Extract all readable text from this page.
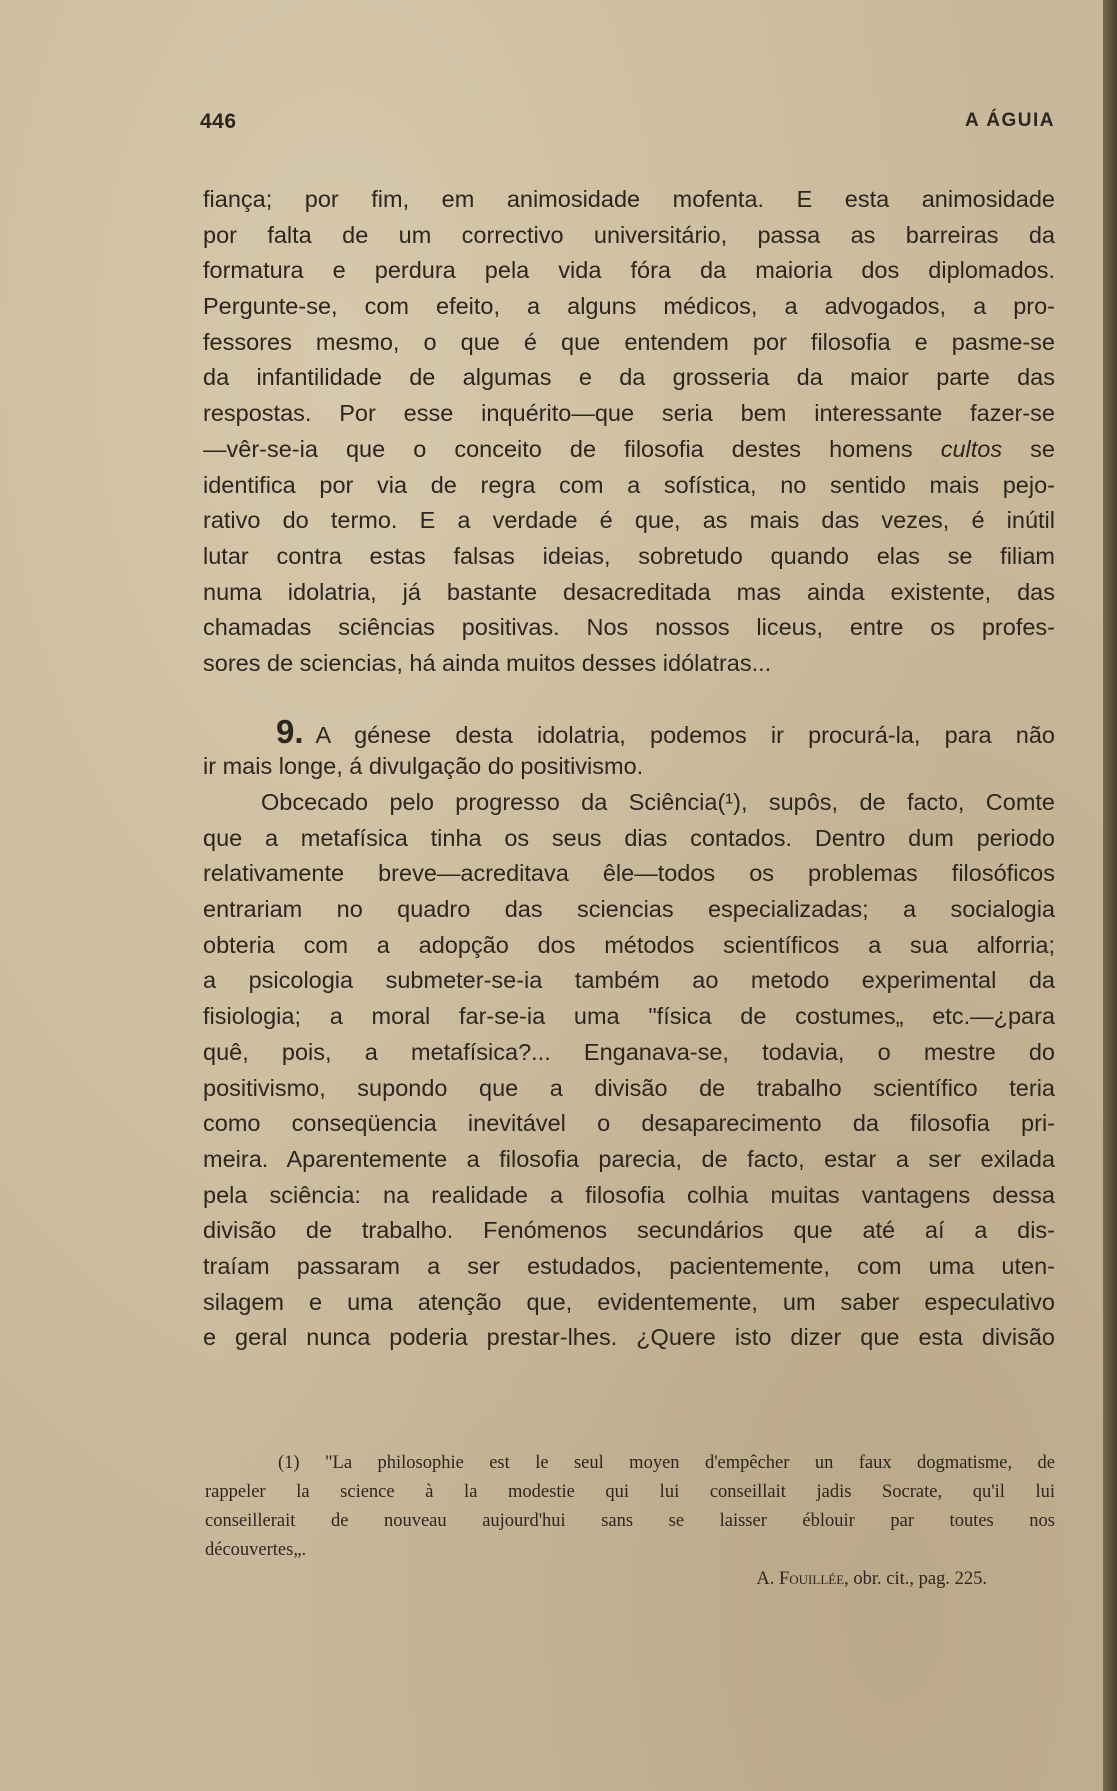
446	A ÁGUIA
fiança; por fim, em animosidade mofenta. E esta animosidade
por falta de um correctivo universitário, passa as barreiras da
formatura e perdura pela vida fóra da maioria dos diplomados.
Pergunte-se, com efeito, a alguns médicos, a advogados, a pro-
fessores mesmo, o que é que entendem por filosofia e pasme-se
da infantilidade de algumas e da grosseria da maior parte das
respostas. Por esse inquérito—que seria bem interessante fazer-se
—vêr-se-ia que o conceito de filosofia destes homens cultos se
identifica por via de regra com a sofística, no sentido mais pejo-
rativo do termo. E a verdade é que, as mais das vezes, é inútil
lutar contra estas falsas ideias, sobretudo quando elas se filiam
numa idolatria, já bastante desacreditada mas ainda existente, das
chamadas sciências positivas. Nos nossos liceus, entre os profes-
sores de sciencias, há ainda muitos desses idólatras...
9. A génese desta idolatria, podemos ir procurá-la, para não
ir mais longe, á divulgação do positivismo.
Obcecado pelo progresso da Sciência(¹), supôs, de facto, Comte
que a metafísica tinha os seus dias contados. Dentro dum periodo
relativamente breve—acreditava êle—todos os problemas filosóficos
entrariam no quadro das sciencias especializadas; a socialogia
obteria com a adopção dos métodos scientíficos a sua alforria;
a psicologia submeter-se-ia também ao metodo experimental da
fisiologia; a moral far-se-ia uma "física de costumes„ etc.—¿para
quê, pois, a metafísica?... Enganava-se, todavia, o mestre do
positivismo, supondo que a divisão de trabalho scientífico teria
como conseqüencia inevitável o desaparecimento da filosofia pri-
meira. Aparentemente a filosofia parecia, de facto, estar a ser exilada
pela sciência: na realidade a filosofia colhia muitas vantagens dessa
divisão de trabalho. Fenómenos secundários que até aí a dis-
traíam passaram a ser estudados, pacientemente, com uma uten-
silagem e uma atenção que, evidentemente, um saber especulativo
e geral nunca poderia prestar-lhes. ¿Quere isto dizer que esta divisão
(1) "La philosophie est le seul moyen d'empêcher un faux dogmatisme, de
rappeler la science à la modestie qui lui conseillait jadis Socrate, qu'il lui
conseillerait de nouveau aujourd'hui sans se laisser éblouir par toutes nos
découvertes„.
A. Fouillée, obr. cit., pag. 225.
